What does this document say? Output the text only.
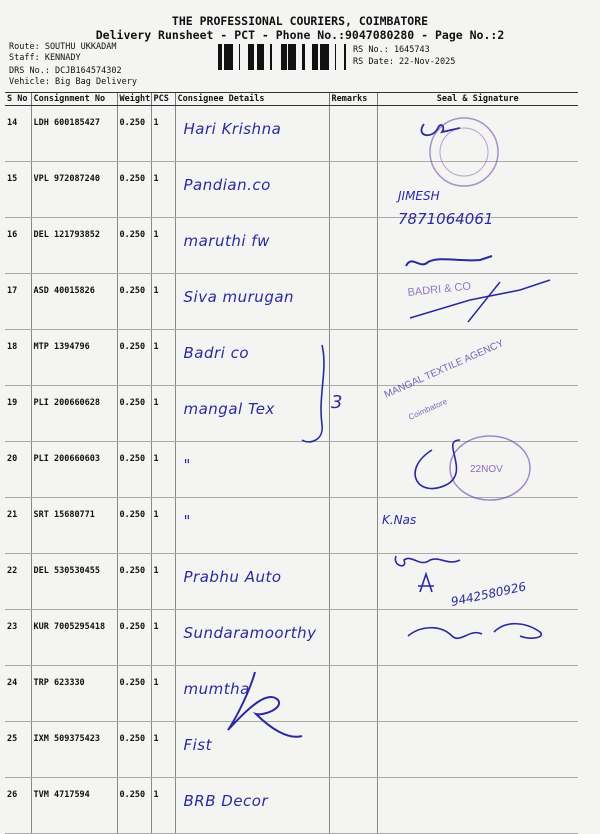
THE PROFESSIONAL COURIERS, COIMBATORE
Delivery Runsheet - PCT - Phone No.:9047080280 - Page No.:2
Route: SOUTHU UKKADAM
Staff: KENNADY
DRS No.: DCJB164574302
Vehicle: Big Bag Delivery
RS No.: 1645743
RS Date: 22-Nov-2025
S No	Consignment No	Weight	PCS	Consignee Details	Remarks	Seal & Signature
14	LDH 600185427	0.250	1	Hari Krishna		
15	VPL 972087240	0.250	1	Pandian.co		
16	DEL 121793852	0.250	1	maruthi fw		
17	ASD 40015826	0.250	1	Siva murugan		
18	MTP 1394796	0.250	1	Badri co		
19	PLI 200660628	0.250	1	mangal Tex		
20	PLI 200660603	0.250	1	"		
21	SRT 15680771	0.250	1	"		
22	DEL 530530455	0.250	1	Prabhu Auto		
23	KUR 7005295418	0.250	1	Sundaramoorthy		
24	TRP 623330	0.250	1	mumtha		
25	IXM 509375423	0.250	1	Fist		
26	TVM 4717594	0.250	1	BRB Decor		
3
JIMESH
7871064061
BADRI & CO
MANGAL TEXTILE AGENCY
Coimbatore
22NOV
K.Nas
9442580926
